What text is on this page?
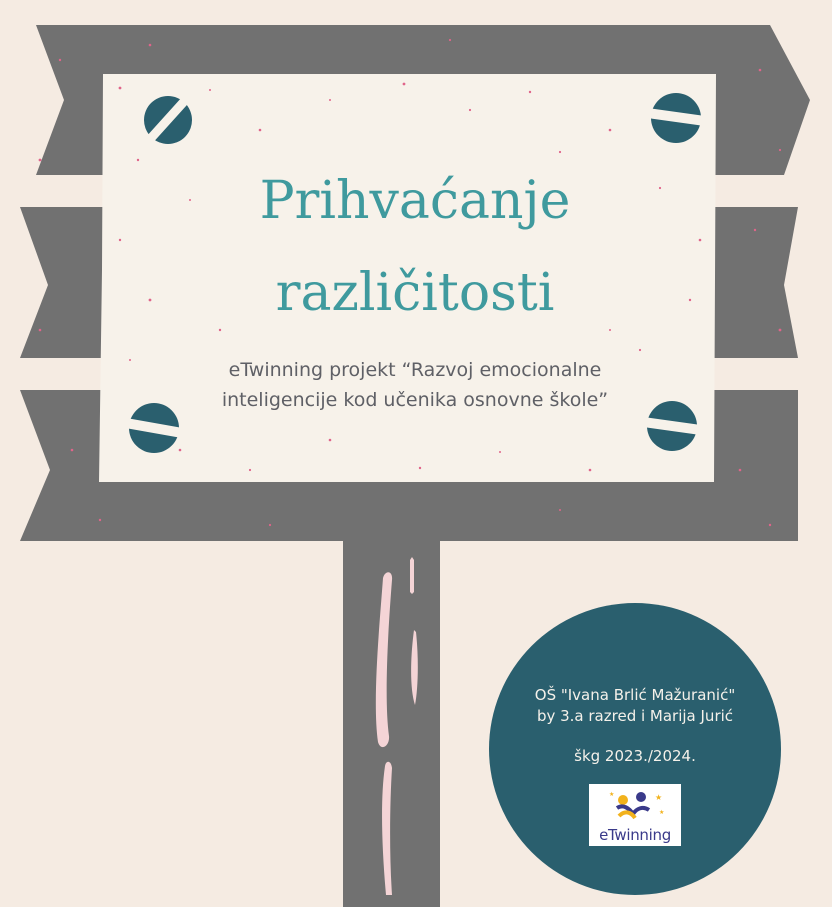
Prihvaćanje
različitosti

eTwinning projekt “Razvoj emocionalne
inteligencije kod učenika osnovne škole”

OŠ "Ivana Brlić Mažuranić"
by 3.a razred i Marija Jurić
škg 2023./2024.
★
★
★
eTwinning
